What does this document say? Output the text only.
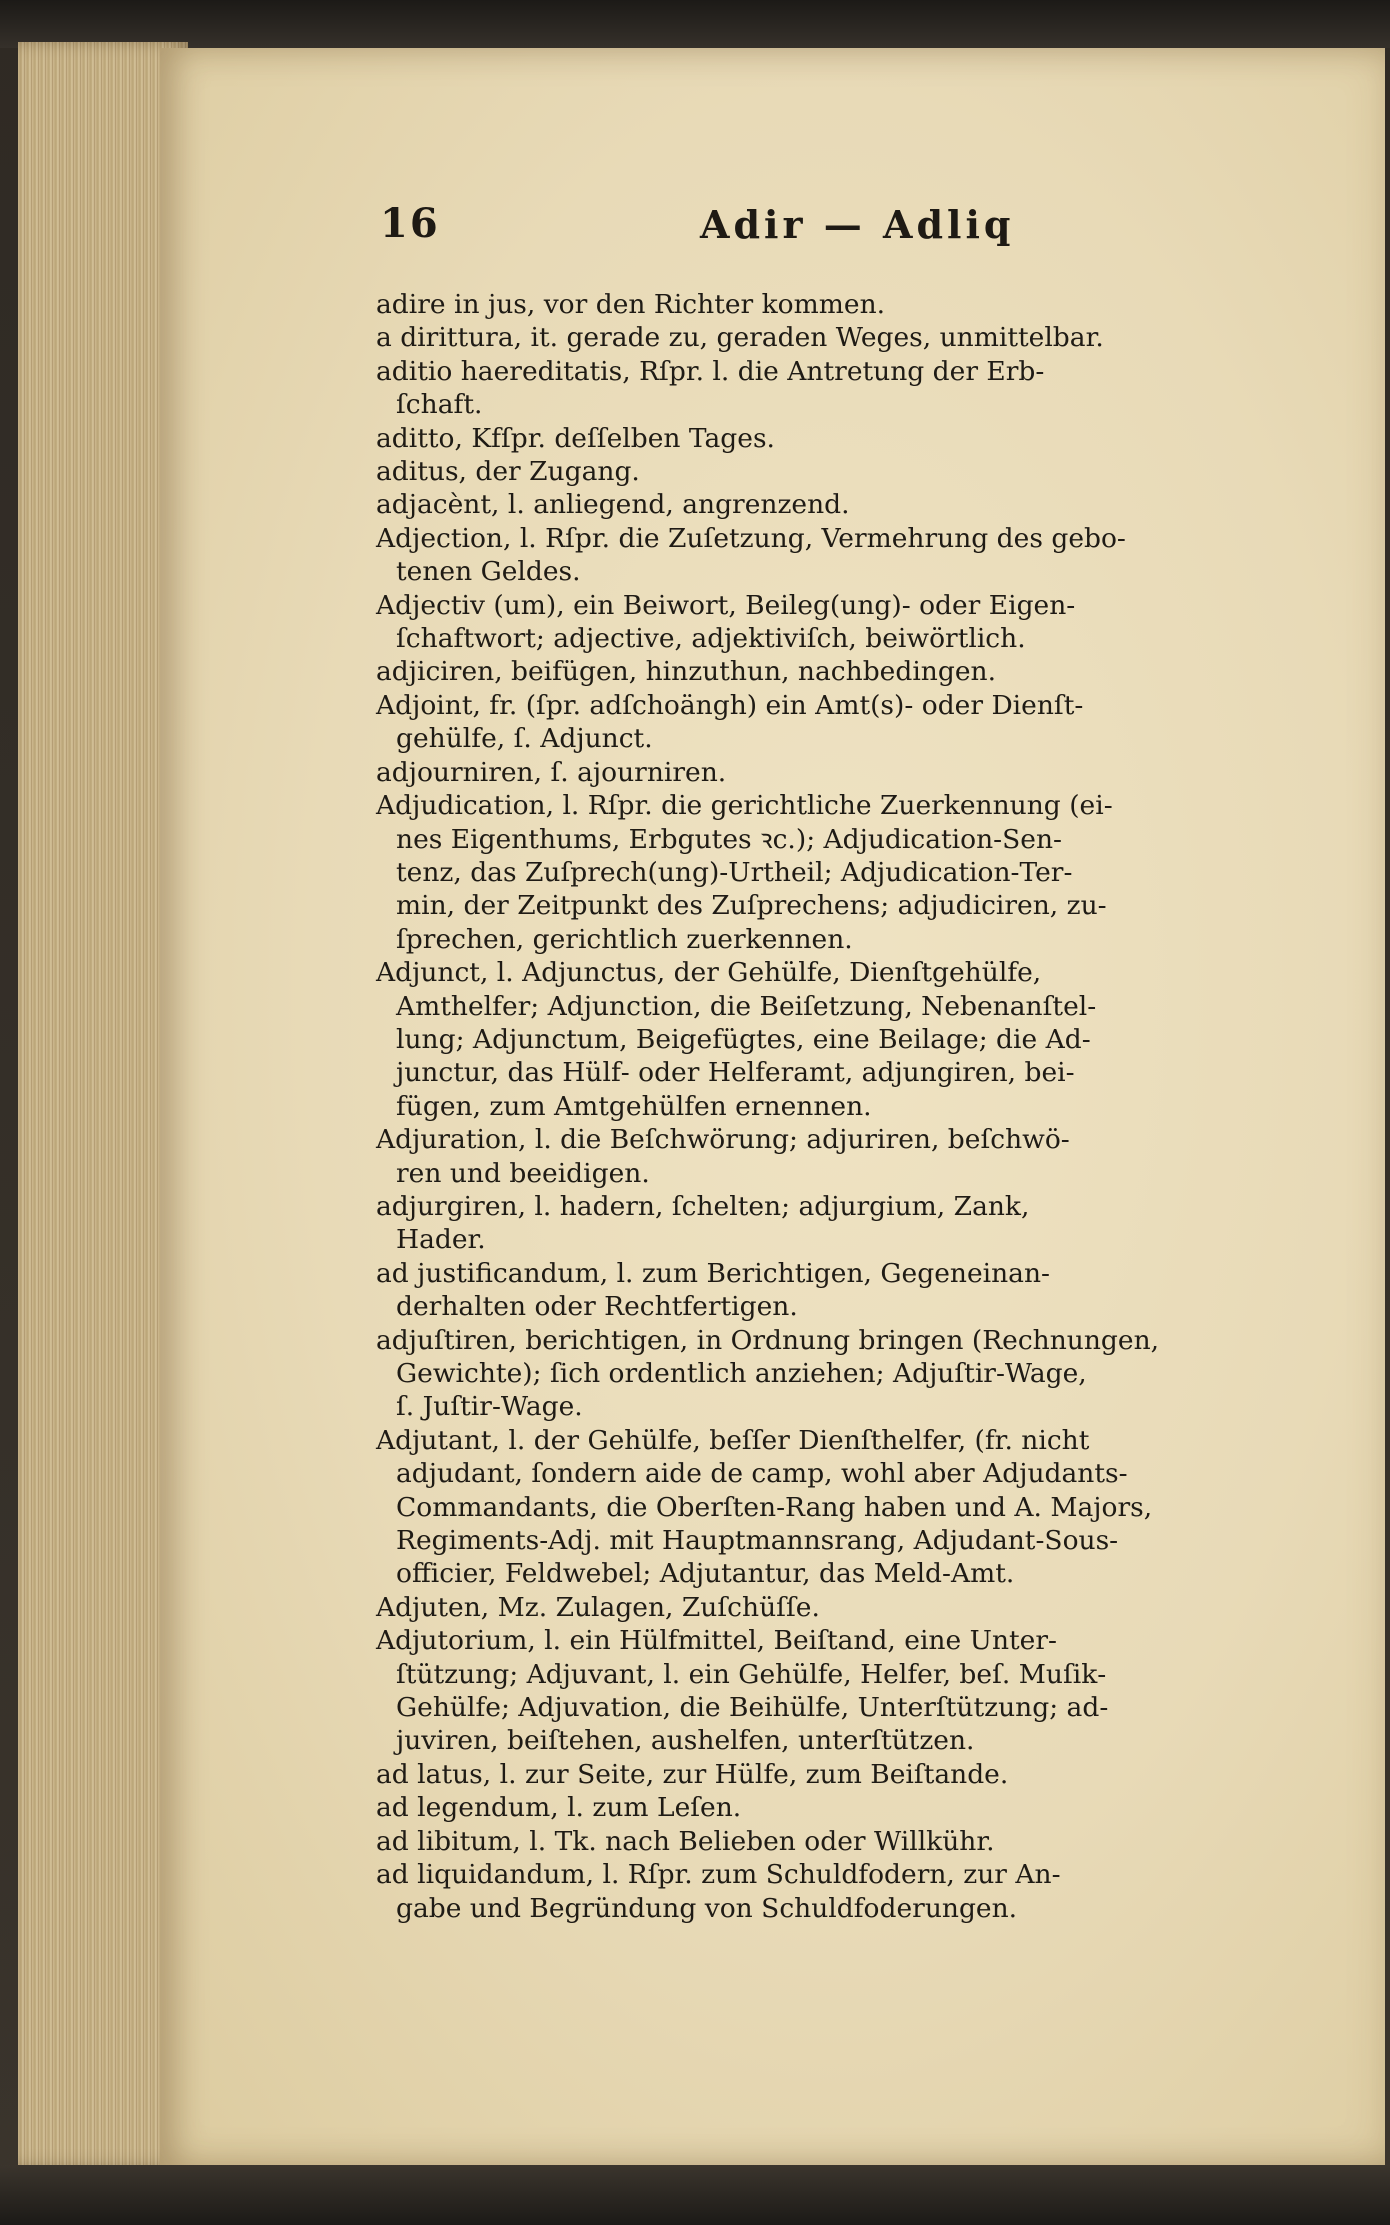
16	Adir — Adliq
adire in jus, vor den Richter kommen.
a dirittura, it. gerade zu, geraden Weges, unmittelbar.
aditio haereditatis, Rſpr. l. die Antretung der Erb‑
ſchaft.
aditto, Kfſpr. deſſelben Tages.
aditus, der Zugang.
adjacènt, l. anliegend, angrenzend.
Adjection, l. Rſpr. die Zuſetzung, Vermehrung des gebo‑
tenen Geldes.
Adjectiv (um), ein Beiwort, Beileg(ung)‑ oder Eigen‑
ſchaftwort; adjective, adjektiviſch, beiwörtlich.
adjiciren, beifügen, hinzuthun, nachbedingen.
Adjoint, fr. (ſpr. adſchoängh) ein Amt(s)‑ oder Dienſt‑
gehülfe, ſ. Adjunct.
adjourniren, ſ. ajourniren.
Adjudication, l. Rſpr. die gerichtliche Zuerkennung (ei‑
nes Eigenthums, Erbgutes ꝛc.); Adjudication‑Sen‑
tenz, das Zuſprech(ung)‑Urtheil; Adjudication‑Ter‑
min, der Zeitpunkt des Zuſprechens; adjudiciren, zu‑
ſprechen, gerichtlich zuerkennen.
Adjunct, l. Adjunctus, der Gehülfe, Dienſtgehülfe,
Amthelfer; Adjunction, die Beiſetzung, Nebenanſtel‑
lung; Adjunctum, Beigefügtes, eine Beilage; die Ad‑
junctur, das Hülf‑ oder Helferamt, adjungiren, bei‑
fügen, zum Amtgehülfen ernennen.
Adjuration, l. die Beſchwörung; adjuriren, beſchwö‑
ren und beeidigen.
adjurgiren, l. hadern, ſchelten; adjurgium, Zank,
Hader.
ad justificandum, l. zum Berichtigen, Gegeneinan‑
derhalten oder Rechtfertigen.
adjuſtiren, berichtigen, in Ordnung bringen (Rechnungen,
Gewichte); ſich ordentlich anziehen; Adjuſtir‑Wage,
ſ. Juſtir‑Wage.
Adjutant, l. der Gehülfe, beſſer Dienſthelfer, (fr. nicht
adjudant, ſondern aide de camp, wohl aber Adjudants-
Commandants, die Oberſten‑Rang haben und A. Majors,
Regiments‑Adj. mit Hauptmannsrang, Adjudant-Sous-
officier, Feldwebel; Adjutantur, das Meld‑Amt.
Adjuten, Mz. Zulagen, Zuſchüſſe.
Adjutorium, l. ein Hülfmittel, Beiſtand, eine Unter‑
ſtützung; Adjuvant, l. ein Gehülfe, Helfer, beſ. Muſik‑
Gehülfe; Adjuvation, die Beihülfe, Unterſtützung; ad‑
juviren, beiſtehen, aushelfen, unterſtützen.
ad latus, l. zur Seite, zur Hülfe, zum Beiſtande.
ad legendum, l. zum Leſen.
ad libitum, l. Tk. nach Belieben oder Willkühr.
ad liquidandum, l. Rſpr. zum Schuldfodern, zur An‑
gabe und Begründung von Schuldfoderungen.
